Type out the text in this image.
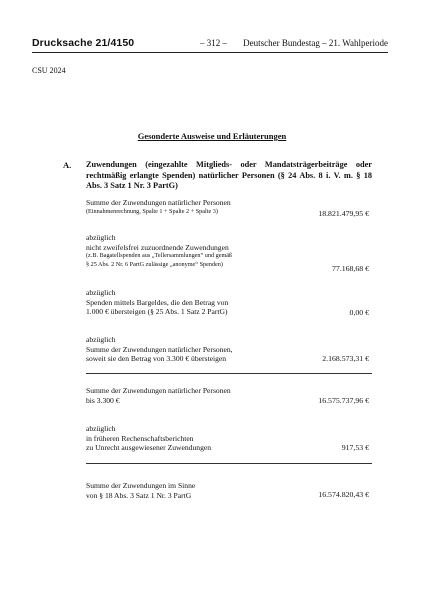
Drucksache 21/4150	– 312 – Deutscher Bundestag – 21. Wahlperiode
CSU 2024
Gesonderte Ausweise und Erläuterungen
A. Zuwendungen (eingezahlte Mitglieds- oder Mandatsträgerbeiträge oder rechtmäßig erlangte Spenden) natürlicher Personen (§ 24 Abs. 8 i. V. m. § 18 Abs. 3 Satz 1 Nr. 3 PartG)
Summe der Zuwendungen natürlicher Personen
(Einnahmenrechnung, Spalte 1 + Spalte 2 + Spalte 3)	18.821.479,95 €
abzüglich
nicht zweifelsfrei zuzuordnende Zuwendungen
(z.B. Bagatellspenden aus „Tellersammlungen“ und gemäß
§ 25 Abs. 2 Nr. 6 PartG zulässige „anonyme“ Spenden)	77.168,68 €
abzüglich
Spenden mittels Bargeldes, die den Betrag von
1.000 € übersteigen (§ 25 Abs. 1 Satz 2 PartG)	0,00 €
abzüglich
Summe der Zuwendungen natürlicher Personen,
soweit sie den Betrag von 3.300 € übersteigen	2.168.573,31 €
Summe der Zuwendungen natürlicher Personen
bis 3.300 €	16.575.737,96 €
abzüglich
in früheren Rechenschaftsberichten
zu Unrecht ausgewiesener Zuwendungen	917,53 €
Summe der Zuwendungen im Sinne
von § 18 Abs. 3 Satz 1 Nr. 3 PartG	16.574.820,43 €
